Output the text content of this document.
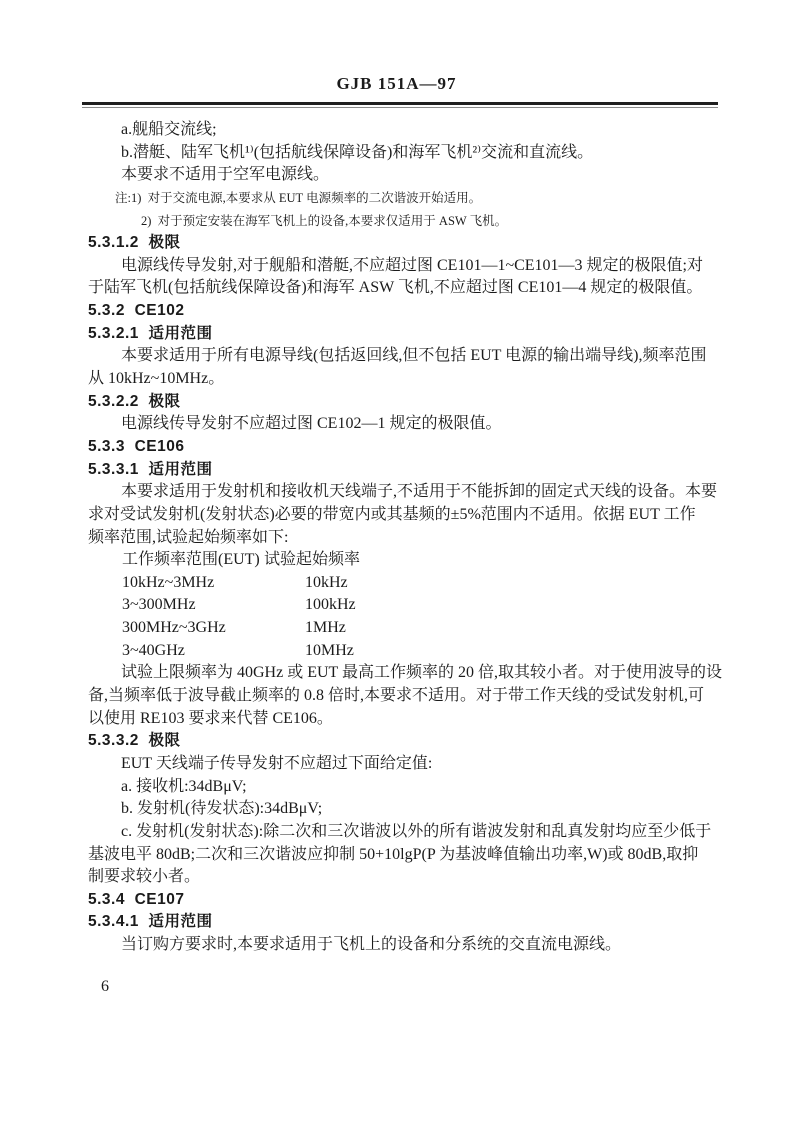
GJB 151A—97
a.舰船交流线;
b.潜艇、陆军飞机¹⁾(包括航线保障设备)和海军飞机²⁾交流和直流线。
本要求不适用于空军电源线。
注:1)  对于交流电源,本要求从 EUT 电源频率的二次谐波开始适用。
2)  对于预定安装在海军飞机上的设备,本要求仅适用于 ASW 飞机。
5.3.1.2  极限
电源线传导发射,对于舰船和潜艇,不应超过图 CE101—1~CE101—3 规定的极限值;对
于陆军飞机(包括航线保障设备)和海军 ASW 飞机,不应超过图 CE101—4 规定的极限值。
5.3.2  CE102
5.3.2.1  适用范围
本要求适用于所有电源导线(包括返回线,但不包括 EUT 电源的输出端导线),频率范围
从 10kHz~10MHz。
5.3.2.2  极限
电源线传导发射不应超过图 CE102—1 规定的极限值。
5.3.3  CE106
5.3.3.1  适用范围
本要求适用于发射机和接收机天线端子,不适用于不能拆卸的固定式天线的设备。本要
求对受试发射机(发射状态)必要的带宽内或其基频的±5%范围内不适用。依据 EUT 工作
频率范围,试验起始频率如下:
工作频率范围(EUT) 试验起始频率
10kHz~3MHz	10kHz
3~300MHz	100kHz
300MHz~3GHz	1MHz
3~40GHz	10MHz
试验上限频率为 40GHz 或 EUT 最高工作频率的 20 倍,取其较小者。对于使用波导的设
备,当频率低于波导截止频率的 0.8 倍时,本要求不适用。对于带工作天线的受试发射机,可
以使用 RE103 要求来代替 CE106。
5.3.3.2  极限
EUT 天线端子传导发射不应超过下面给定值:
a. 接收机:34dBμV;
b. 发射机(待发状态):34dBμV;
c. 发射机(发射状态):除二次和三次谐波以外的所有谐波发射和乱真发射均应至少低于
基波电平 80dB;二次和三次谐波应抑制 50+10lgP(P 为基波峰值输出功率,W)或 80dB,取抑
制要求较小者。
5.3.4  CE107
5.3.4.1  适用范围
当订购方要求时,本要求适用于飞机上的设备和分系统的交直流电源线。
6
